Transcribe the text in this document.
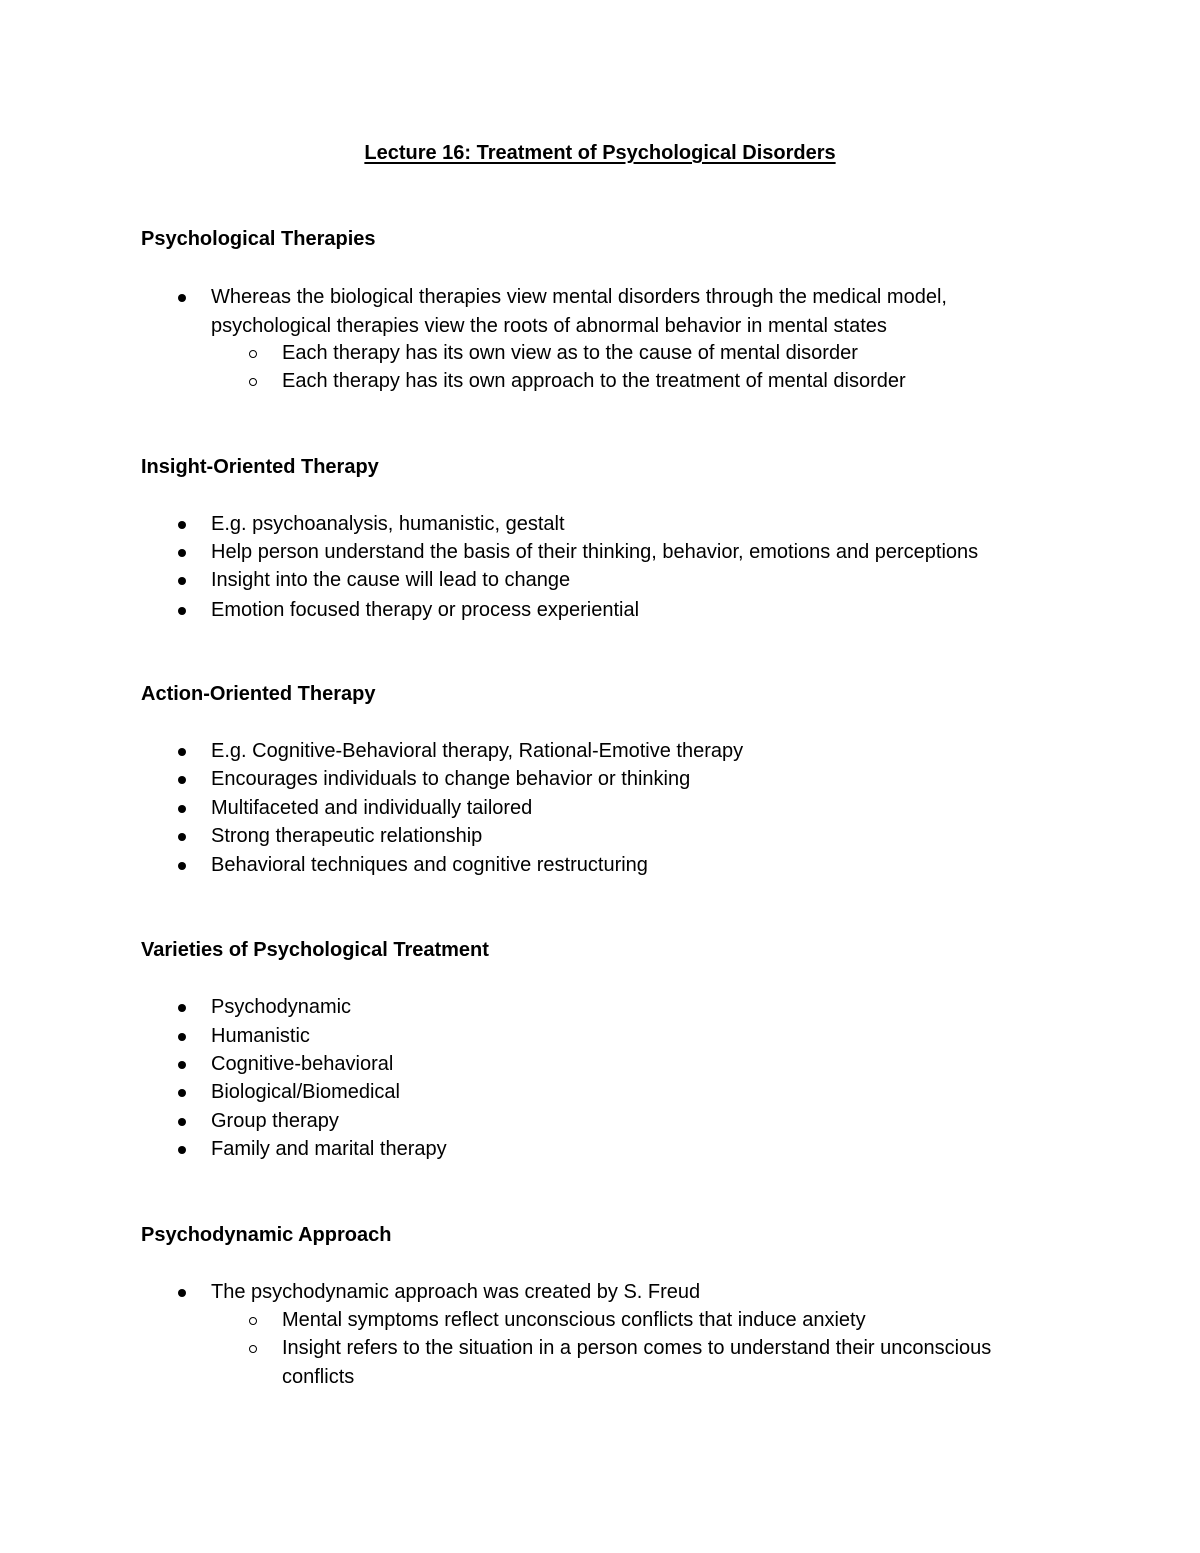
Lecture 16: Treatment of Psychological Disorders
Psychological Therapies
Whereas the biological therapies view mental disorders through the medical model, psychological therapies view the roots of abnormal behavior in mental states
Each therapy has its own view as to the cause of mental disorder
Each therapy has its own approach to the treatment of mental disorder
Insight-Oriented Therapy
E.g. psychoanalysis, humanistic, gestalt
Help person understand the basis of their thinking, behavior, emotions and perceptions
Insight into the cause will lead to change
Emotion focused therapy or process experiential
Action-Oriented Therapy
E.g. Cognitive-Behavioral therapy, Rational-Emotive therapy
Encourages individuals to change behavior or thinking
Multifaceted and individually tailored
Strong therapeutic relationship
Behavioral techniques and cognitive restructuring
Varieties of Psychological Treatment
Psychodynamic
Humanistic
Cognitive-behavioral
Biological/Biomedical
Group therapy
Family and marital therapy
Psychodynamic Approach
The psychodynamic approach was created by S. Freud
Mental symptoms reflect unconscious conflicts that induce anxiety
Insight refers to the situation in a person comes to understand their unconscious conflicts
